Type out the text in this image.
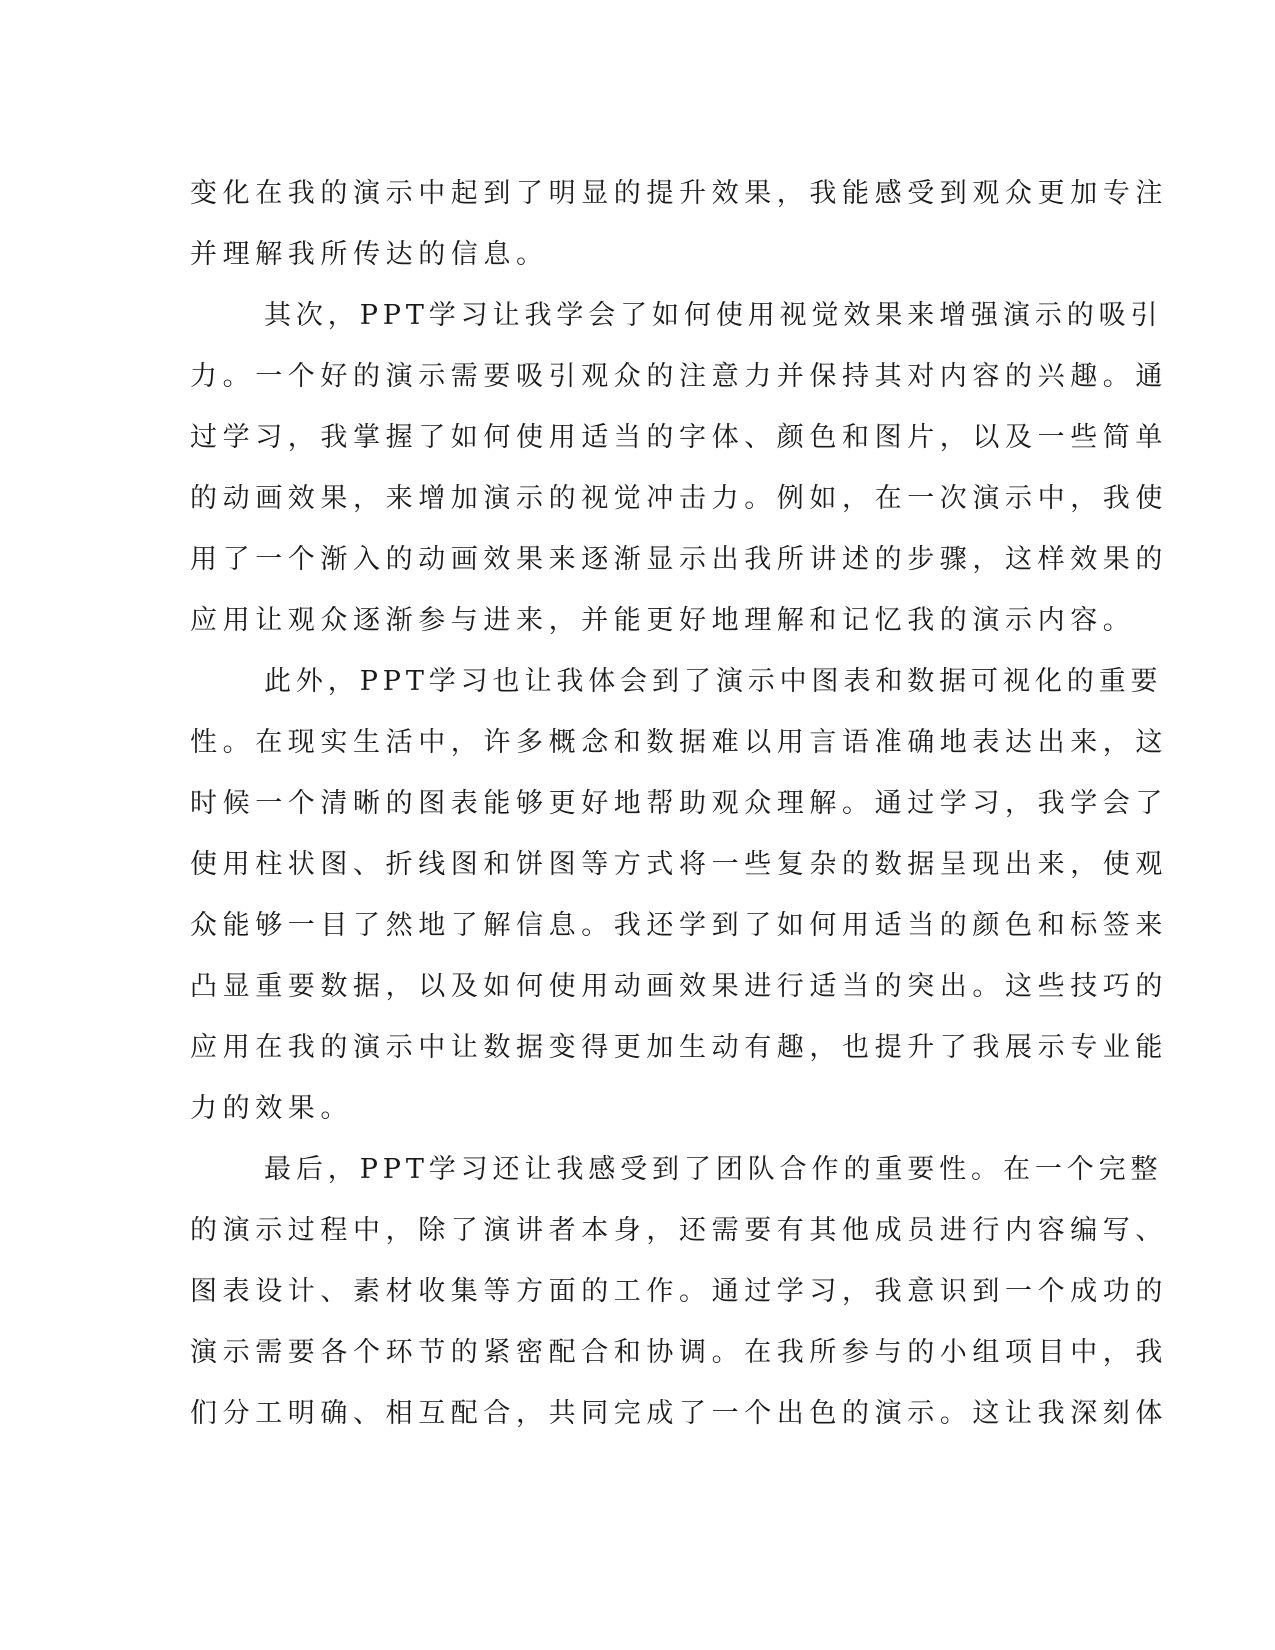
变化在我的演示中起到了明显的提升效果，我能感受到观众更加专注
并理解我所传达的信息。
其次，PPT学习让我学会了如何使用视觉效果来增强演示的吸引
力。一个好的演示需要吸引观众的注意力并保持其对内容的兴趣。通
过学习，我掌握了如何使用适当的字体、颜色和图片，以及一些简单
的动画效果，来增加演示的视觉冲击力。例如，在一次演示中，我使
用了一个渐入的动画效果来逐渐显示出我所讲述的步骤，这样效果的
应用让观众逐渐参与进来，并能更好地理解和记忆我的演示内容。
此外，PPT学习也让我体会到了演示中图表和数据可视化的重要
性。在现实生活中，许多概念和数据难以用言语准确地表达出来，这
时候一个清晰的图表能够更好地帮助观众理解。通过学习，我学会了
使用柱状图、折线图和饼图等方式将一些复杂的数据呈现出来，使观
众能够一目了然地了解信息。我还学到了如何用适当的颜色和标签来
凸显重要数据，以及如何使用动画效果进行适当的突出。这些技巧的
应用在我的演示中让数据变得更加生动有趣，也提升了我展示专业能
力的效果。
最后，PPT学习还让我感受到了团队合作的重要性。在一个完整
的演示过程中，除了演讲者本身，还需要有其他成员进行内容编写、
图表设计、素材收集等方面的工作。通过学习，我意识到一个成功的
演示需要各个环节的紧密配合和协调。在我所参与的小组项目中，我
们分工明确、相互配合，共同完成了一个出色的演示。这让我深刻体
